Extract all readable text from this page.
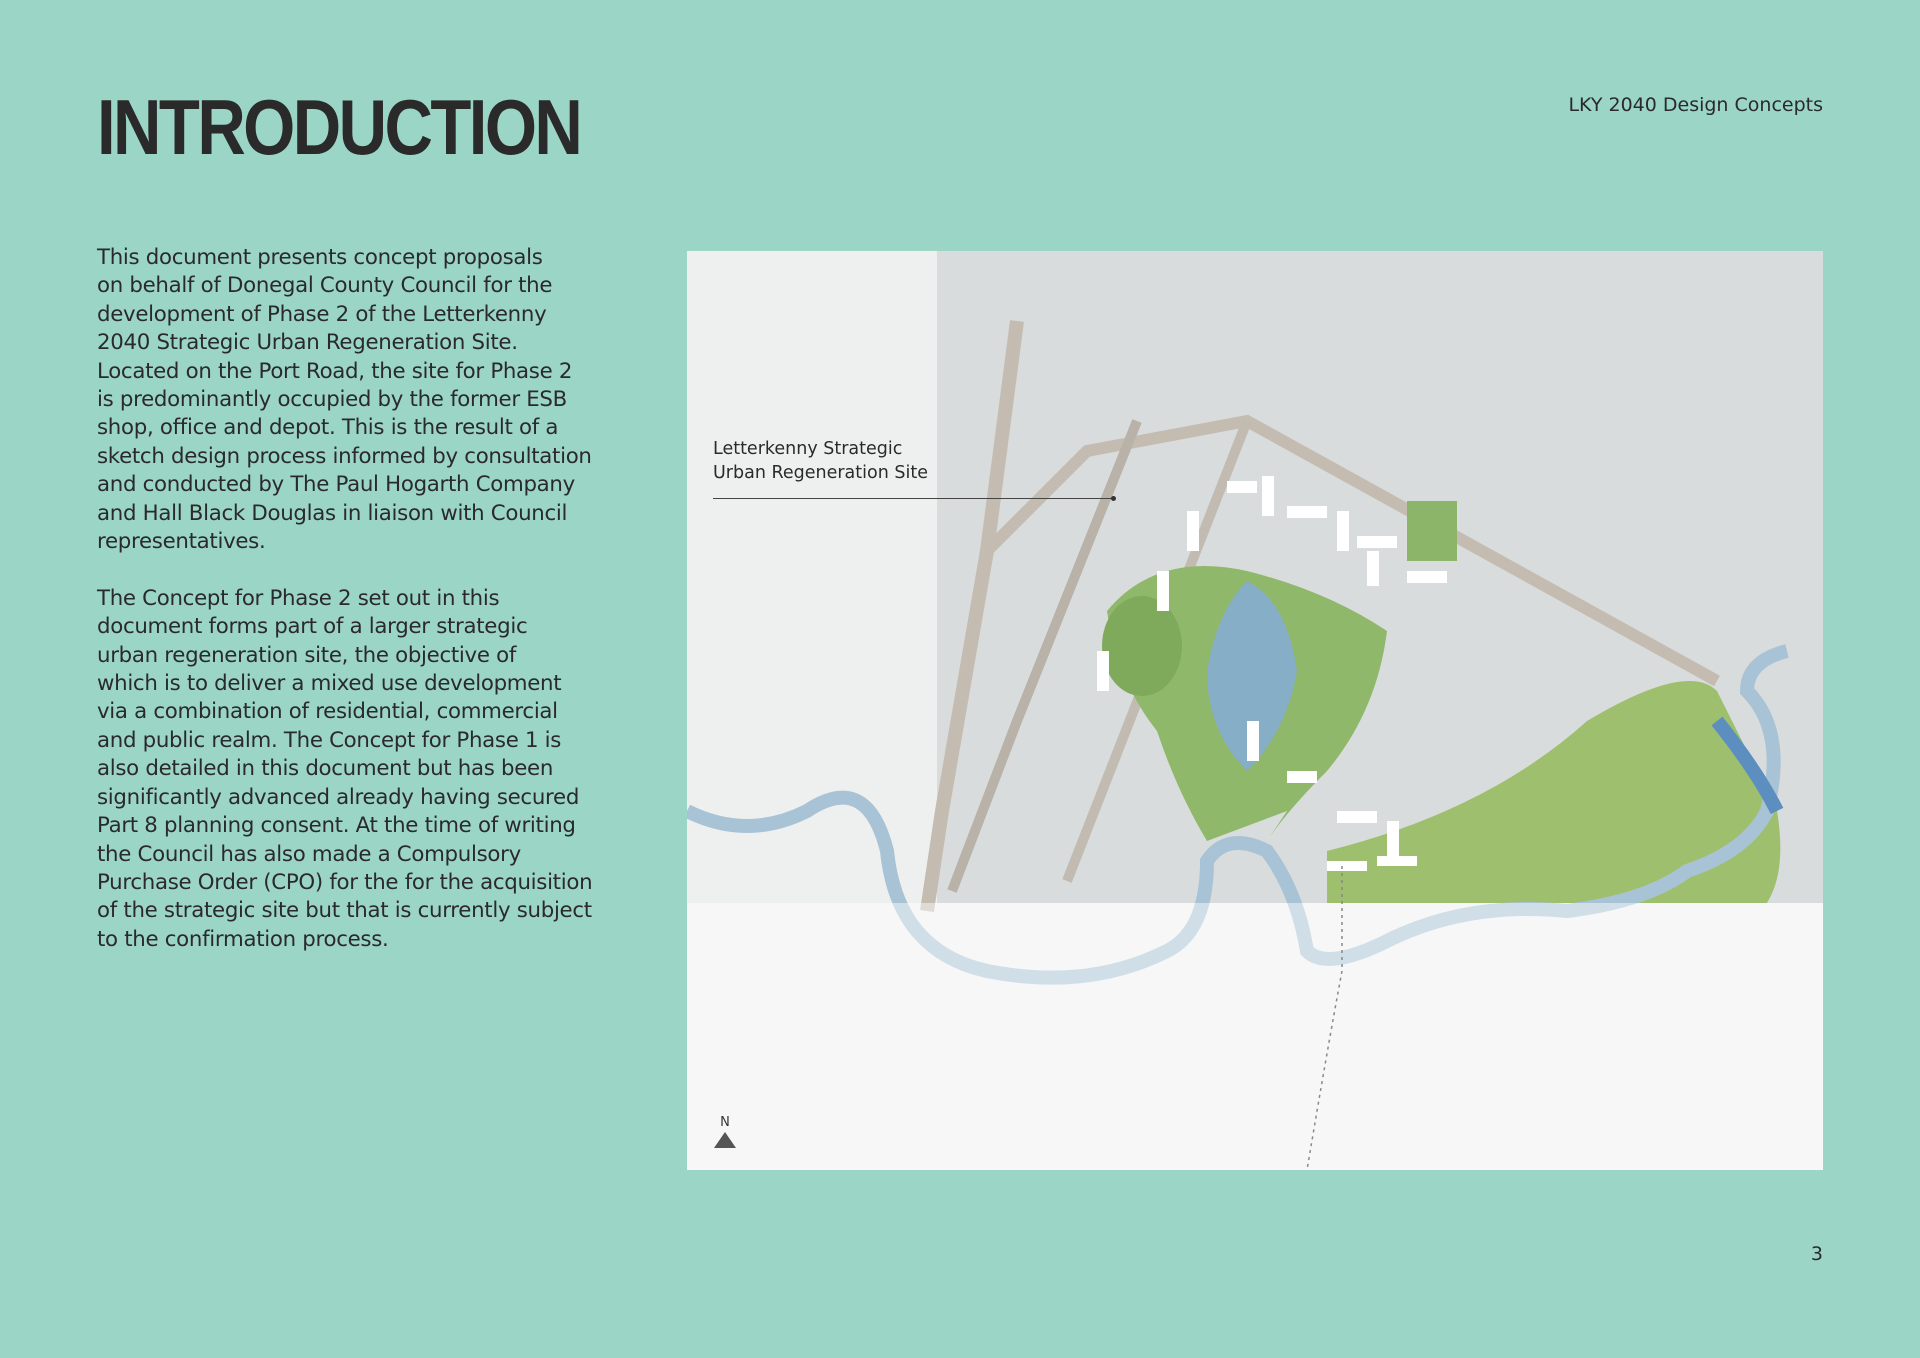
INTRODUCTION	LKY 2040 Design Concepts

This document presents concept proposals
on behalf of Donegal County Council for the
development of Phase 2 of the Letterkenny
2040 Strategic Urban Regeneration Site.
Located on the Port Road, the site for Phase 2
is predominantly occupied by the former ESB
shop, office and depot. This is the result of a
sketch design process informed by consultation
and conducted by The Paul Hogarth Company
and Hall Black Douglas in liaison with Council
representatives.

The Concept for Phase 2 set out in this
document forms part of a larger strategic
urban regeneration site, the objective of
which is to deliver a mixed use development
via a combination of residential, commercial
and public realm. The Concept for Phase 1 is
also detailed in this document but has been
significantly advanced already having secured
Part 8 planning consent. At the time of writing
the Council has also made a Compulsory
Purchase Order (CPO) for the for the acquisition
of the strategic site but that is currently subject
to the confirmation process.

Letterkenny Strategic
Urban Regeneration Site
N
3
